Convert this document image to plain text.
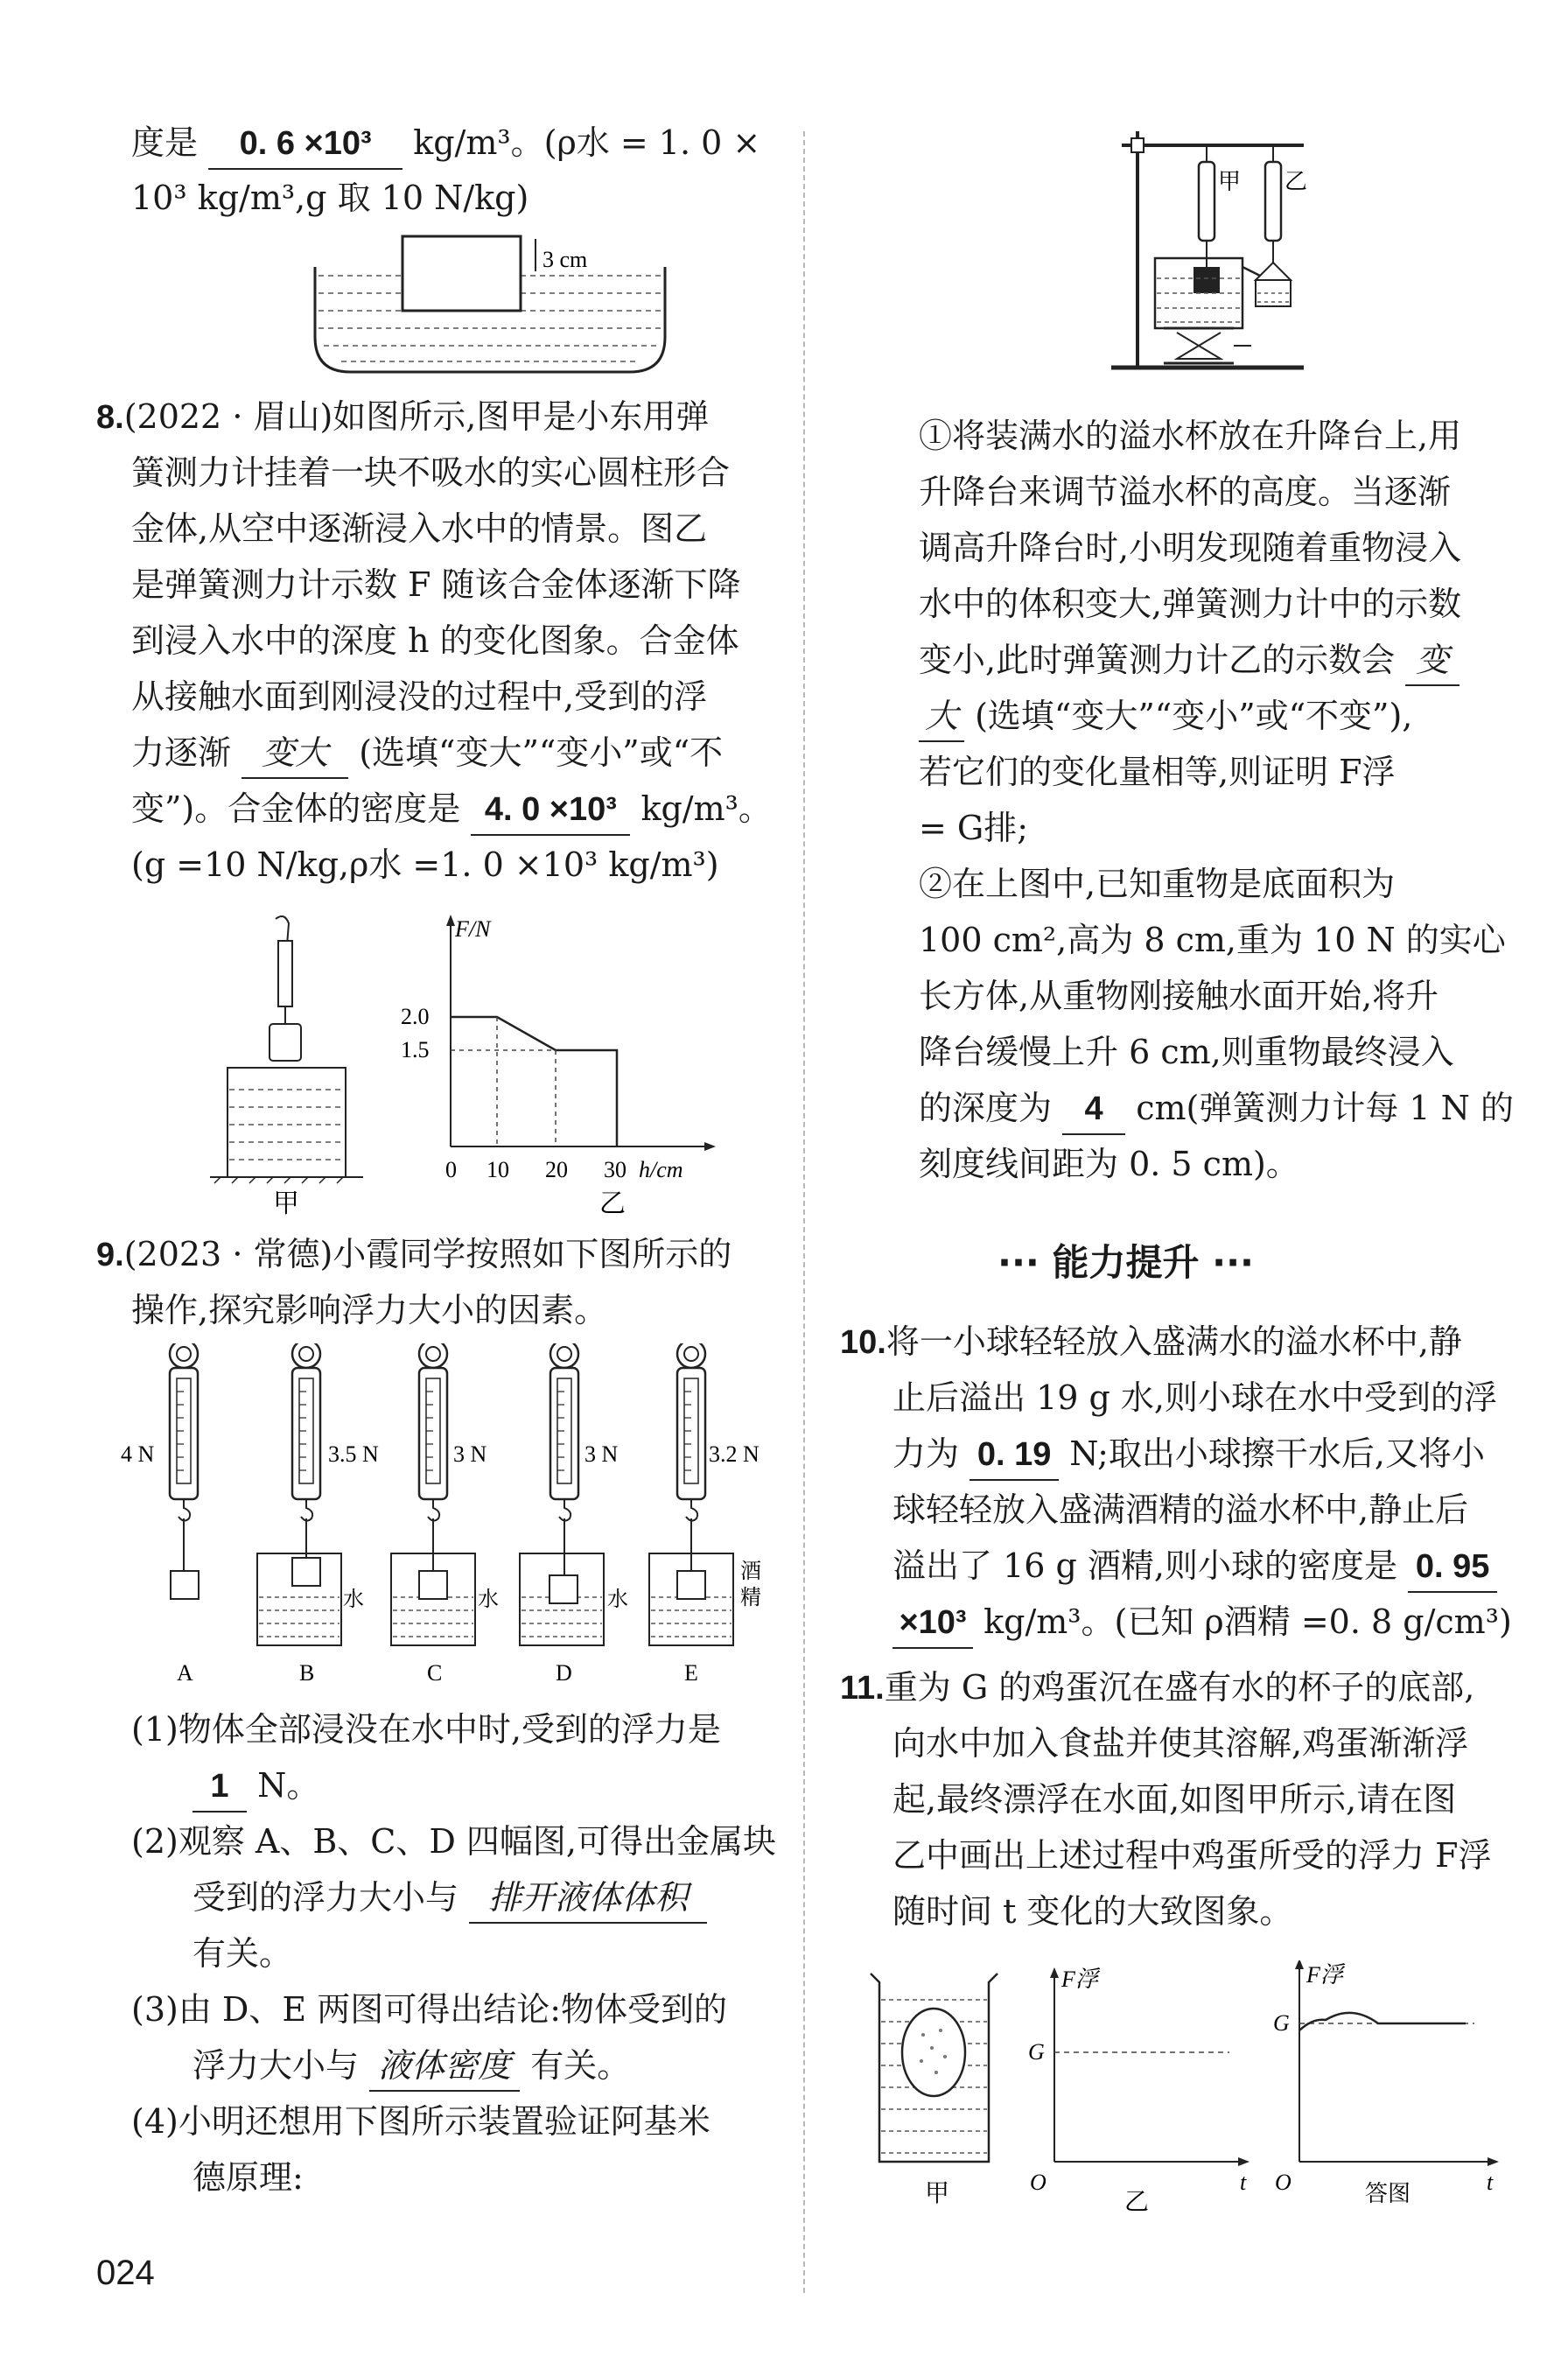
度是 0. 6 ×10³ kg/m³。(ρ水 = 1. 0 ×
10³ kg/m³,g 取 10 N/kg)
3 cm
8.(2022 · 眉山)如图所示,图甲是小东用弹
簧测力计挂着一块不吸水的实心圆柱形合
金体,从空中逐渐浸入水中的情景。图乙
是弹簧测力计示数 F 随该合金体逐渐下降
到浸入水中的深度 h 的变化图象。合金体
从接触水面到刚浸没的过程中,受到的浮
力逐渐 变大 (选填“变大”“变小”或“不
变”)。合金体的密度是 4. 0 ×10³ kg/m³。
(g =10 N/kg,ρ水 =1. 0 ×10³ kg/m³)
甲
F/N
2.0
1.5
0 10 20 30 h/cm
乙
9.(2023 · 常德)小霞同学按照如下图所示的
操作,探究影响浮力大小的因素。
4 N
A
3.5 N
水
B
3 N
水
C
3 N
水
D
3.2 N
酒
精
E
(1)物体全部浸没在水中时,受到的浮力是
1 N。
(2)观察 A、B、C、D 四幅图,可得出金属块
受到的浮力大小与 排开液体体积
有关。
(3)由 D、E 两图可得出结论:物体受到的
浮力大小与 液体密度 有关。
(4)小明还想用下图所示装置验证阿基米
德原理:
024
甲 乙
①将装满水的溢水杯放在升降台上,用
升降台来调节溢水杯的高度。当逐渐
调高升降台时,小明发现随着重物浸入
水中的体积变大,弹簧测力计中的示数
变小,此时弹簧测力计乙的示数会 变
大 (选填“变大”“变小”或“不变”),
若它们的变化量相等,则证明 F浮
= G排;
②在上图中,已知重物是底面积为
100 cm²,高为 8 cm,重为 10 N 的实心
长方体,从重物刚接触水面开始,将升
降台缓慢上升 6 cm,则重物最终浸入
的深度为 4 cm(弹簧测力计每 1 N 的
刻度线间距为 0. 5 cm)。
10.将一小球轻轻放入盛满水的溢水杯中,静
止后溢出 19 g 水,则小球在水中受到的浮
力为 0. 19 N;取出小球擦干水后,又将小
球轻轻放入盛满酒精的溢水杯中,静止后
溢出了 16 g 酒精,则小球的密度是 0. 95
×10³ kg/m³。(已知 ρ酒精 =0. 8 g/cm³)
11.重为 G 的鸡蛋沉在盛有水的杯子的底部,
向水中加入食盐并使其溶解,鸡蛋渐渐浮
起,最终漂浮在水面,如图甲所示,请在图
乙中画出上述过程中鸡蛋所受的浮力 F浮
随时间 t 变化的大致图象。
··· 能力提升 ···
甲
F浮
G
O	t
乙
F浮
G
O	t
答图
